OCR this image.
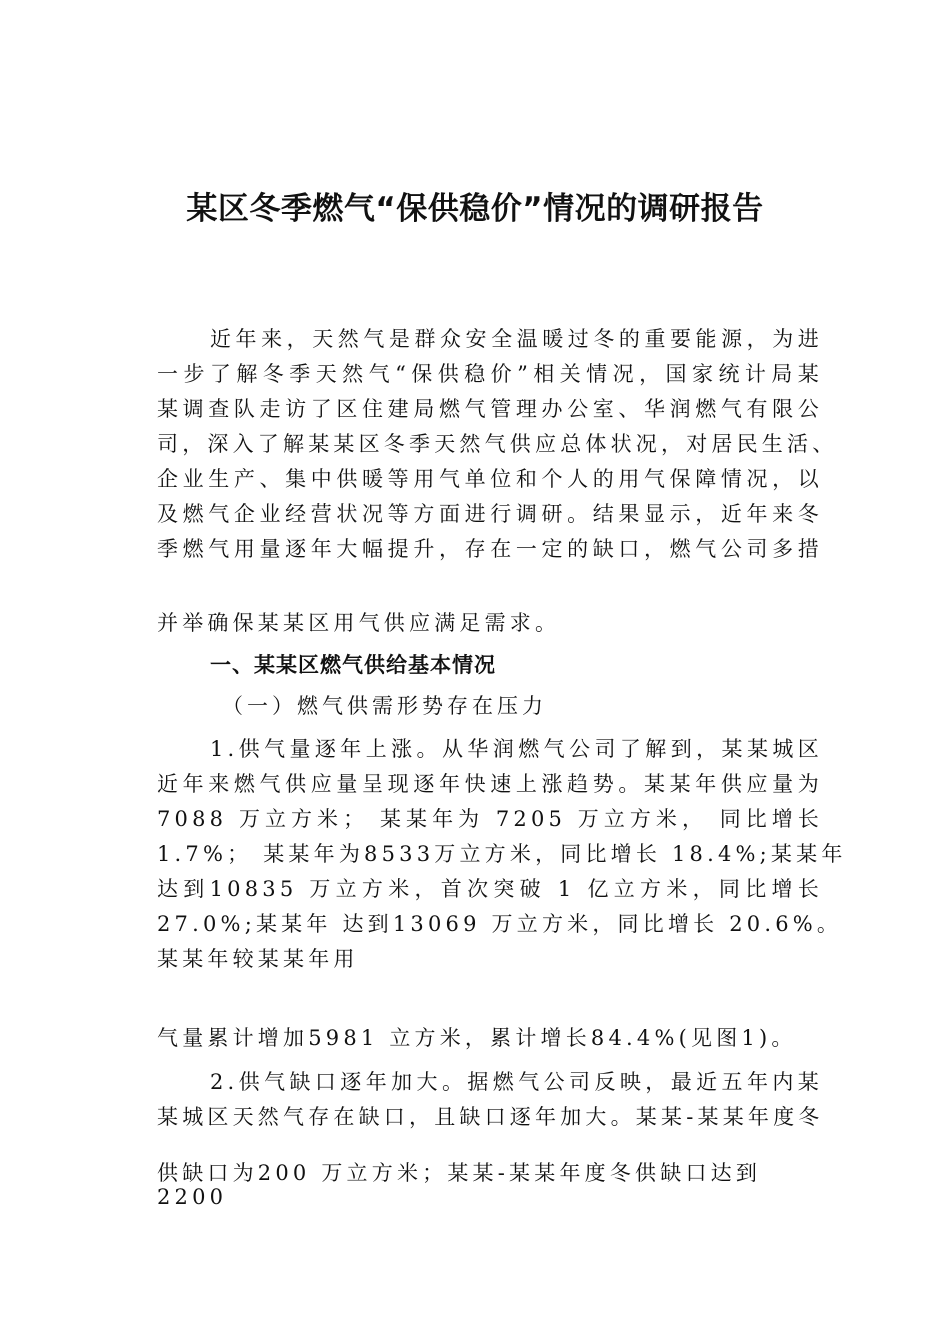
某区冬季燃气“保供稳价”情况的调研报告
近年来，天然气是群众安全温暖过冬的重要能源，为进
一步了解冬季天然气“保供稳价”相关情况，国家统计局某
某调查队走访了区住建局燃气管理办公室、华润燃气有限公
司，深入了解某某区冬季天然气供应总体状况，对居民生活、
企业生产、集中供暖等用气单位和个人的用气保障情况，以
及燃气企业经营状况等方面进行调研。结果显示，近年来冬
季燃气用量逐年大幅提升，存在一定的缺口，燃气公司多措
并举确保某某区用气供应满足需求。
一、某某区燃气供给基本情况
（一）燃气供需形势存在压力
1.供气量逐年上涨。从华润燃气公司了解到，某某城区
近年来燃气供应量呈现逐年快速上涨趋势。某某年供应量为
7088 万立方米； 某某年为 7205 万立方米， 同比增长
1.7%； 某某年为8533万立方米，同比增长 18.4%;某某年
达到10835 万立方米，首次突破 1 亿立方米，同比增长
27.0%;某某年 达到13069 万立方米，同比增长 20.6%。
某某年较某某年用
气量累计增加5981 立方米，累计增长84.4%(见图1)。
2.供气缺口逐年加大。据燃气公司反映，最近五年内某
某城区天然气存在缺口，且缺口逐年加大。某某-某某年度冬
供缺口为200 万立方米；某某-某某年度冬供缺口达到
2200
